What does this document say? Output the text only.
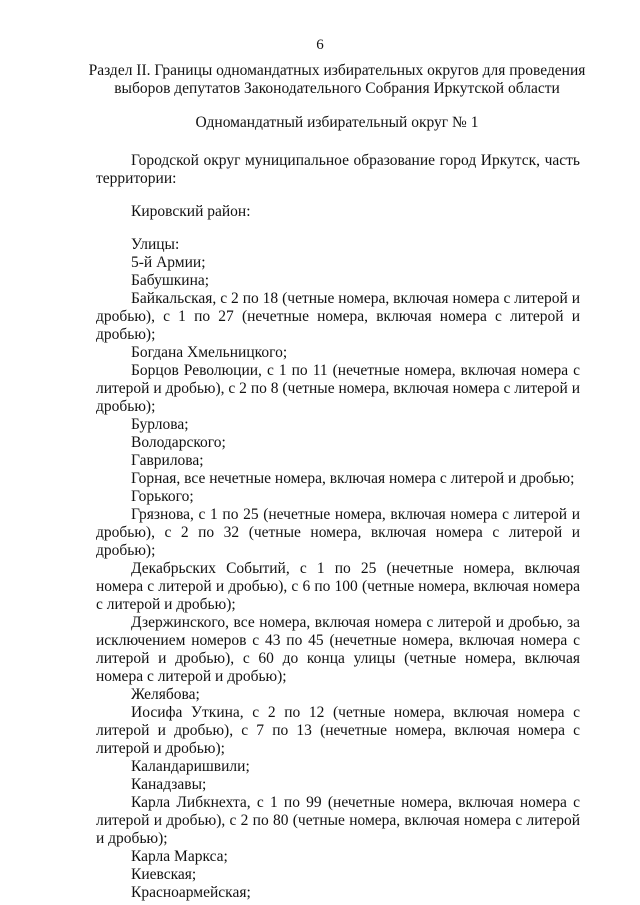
6
Раздел II. Границы одномандатных избирательных округов для проведения выборов депутатов Законодательного Собрания Иркутской области
Одномандатный избирательный округ № 1
Городской округ муниципальное образование город Иркутск, часть территории:
Кировский район:
Улицы:
5-й Армии;
Бабушкина;
Байкальская, с 2 по 18 (четные номера, включая номера с литерой и дробью), с 1 по 27 (нечетные номера, включая номера с литерой и дробью);
Богдана Хмельницкого;
Борцов Революции, с 1 по 11 (нечетные номера, включая номера с литерой и дробью), с 2 по 8 (четные номера, включая номера с литерой и дробью);
Бурлова;
Володарского;
Гаврилова;
Горная, все нечетные номера, включая номера с литерой и дробью;
Горького;
Грязнова, с 1 по 25 (нечетные номера, включая номера с литерой и дробью), с 2 по 32 (четные номера, включая номера с литерой и дробью);
Декабрьских Событий, с 1 по 25 (нечетные номера, включая номера с литерой и дробью), с 6 по 100 (четные номера, включая номера с литерой и дробью);
Дзержинского, все номера, включая номера с литерой и дробью, за исключением номеров с 43 по 45 (нечетные номера, включая номера с литерой и дробью), с 60 до конца улицы (четные номера, включая номера с литерой и дробью);
Желябова;
Иосифа Уткина, с 2 по 12 (четные номера, включая номера с литерой и дробью), с 7 по 13 (нечетные номера, включая номера с литерой и дробью);
Каландаришвили;
Канадзавы;
Карла Либкнехта, с 1 по 99 (нечетные номера, включая номера с литерой и дробью), с 2 по 80 (четные номера, включая номера с литерой и дробью);
Карла Маркса;
Киевская;
Красноармейская;
